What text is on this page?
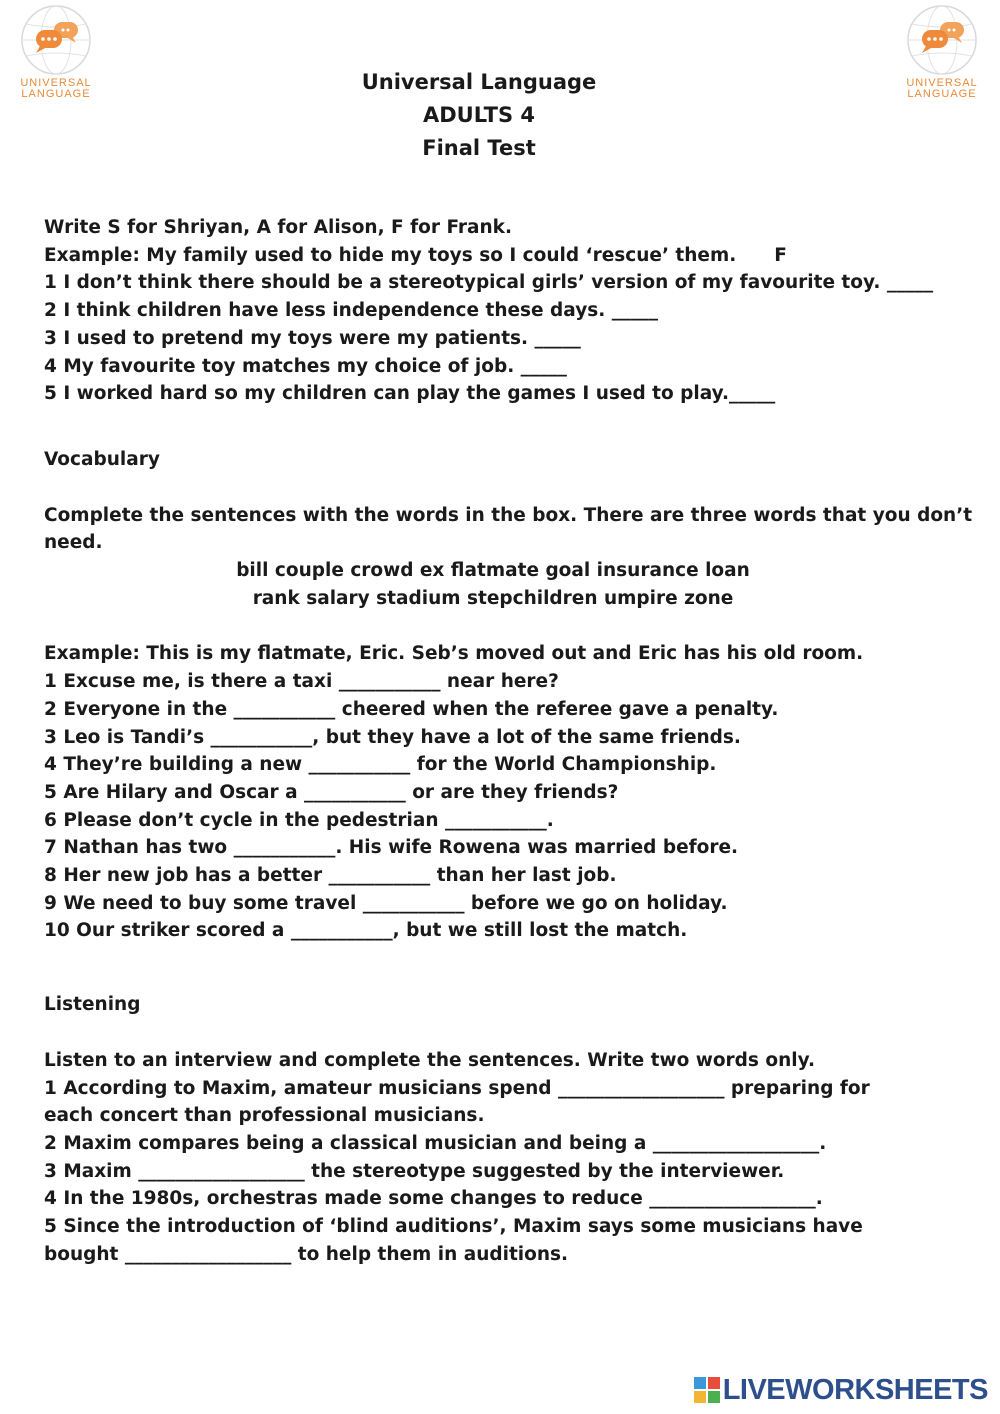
UNIVERSAL
LANGUAGE
UNIVERSAL
LANGUAGE
Universal Language
ADULTS 4
Final Test
Write S for Shriyan, A for Alison, F for Frank.
Example: My family used to hide my toys so I could ‘rescue’ them. F
1 I don’t think there should be a stereotypical girls’ version of my favourite toy. _____
2 I think children have less independence these days. _____
3 I used to pretend my toys were my patients. _____
4 My favourite toy matches my choice of job. _____
5 I worked hard so my children can play the games I used to play._____
Vocabulary
Complete the sentences with the words in the box. There are three words that you don’t need.
bill couple crowd ex flatmate goal insurance loan
rank salary stadium stepchildren umpire zone
Example: This is my flatmate, Eric. Seb’s moved out and Eric has his old room.
1 Excuse me, is there a taxi ___________ near here?
2 Everyone in the ___________ cheered when the referee gave a penalty.
3 Leo is Tandi’s ___________, but they have a lot of the same friends.
4 They’re building a new ___________ for the World Championship.
5 Are Hilary and Oscar a ___________ or are they friends?
6 Please don’t cycle in the pedestrian ___________.
7 Nathan has two ___________. His wife Rowena was married before.
8 Her new job has a better ___________ than her last job.
9 We need to buy some travel ___________ before we go on holiday.
10 Our striker scored a ___________, but we still lost the match.
Listening
Listen to an interview and complete the sentences. Write two words only.
1 According to Maxim, amateur musicians spend __________________ preparing for each concert than professional musicians.
2 Maxim compares being a classical musician and being a __________________.
3 Maxim __________________ the stereotype suggested by the interviewer.
4 In the 1980s, orchestras made some changes to reduce __________________.
5 Since the introduction of ‘blind auditions’, Maxim says some musicians have bought __________________ to help them in auditions.
LIVEWORKSHEETS
